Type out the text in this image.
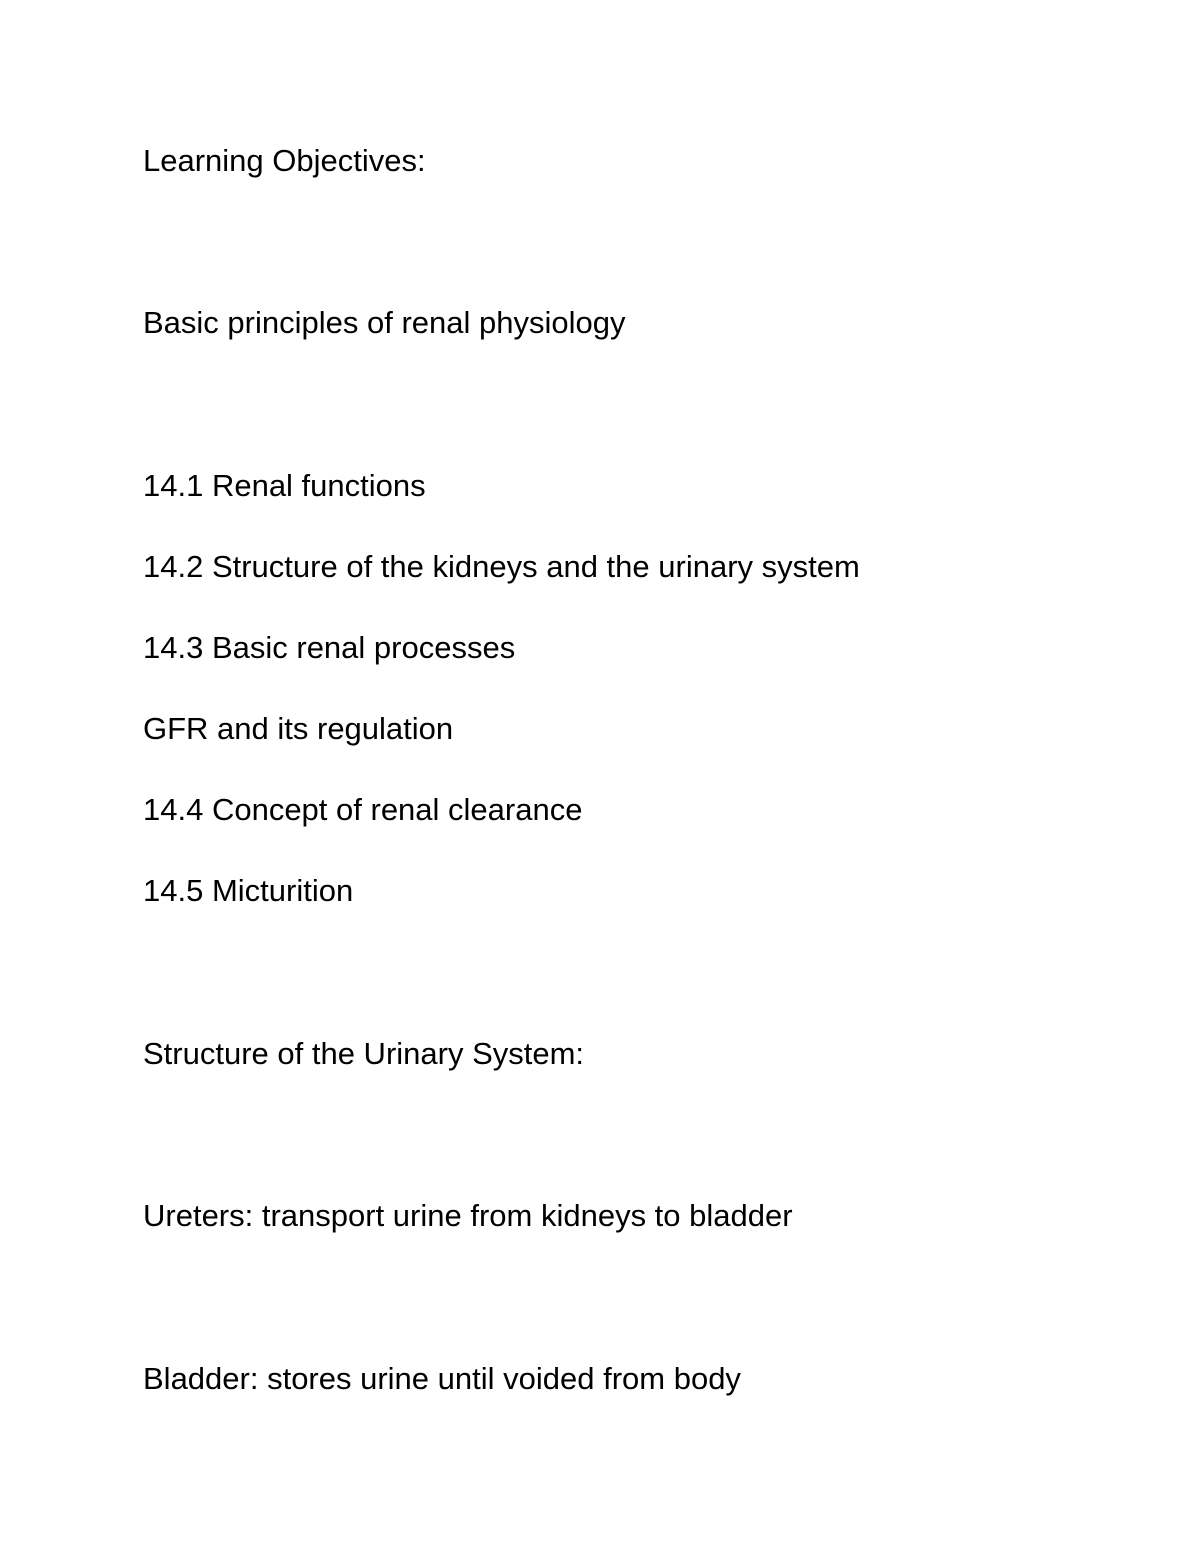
Learning Objectives:

Basic principles of renal physiology

14.1 Renal functions

14.2 Structure of the kidneys and the urinary system

14.3 Basic renal processes

GFR and its regulation

14.4 Concept of renal clearance

14.5 Micturition

Structure of the Urinary System:

Ureters: transport urine from kidneys to bladder

Bladder: stores urine until voided from body
